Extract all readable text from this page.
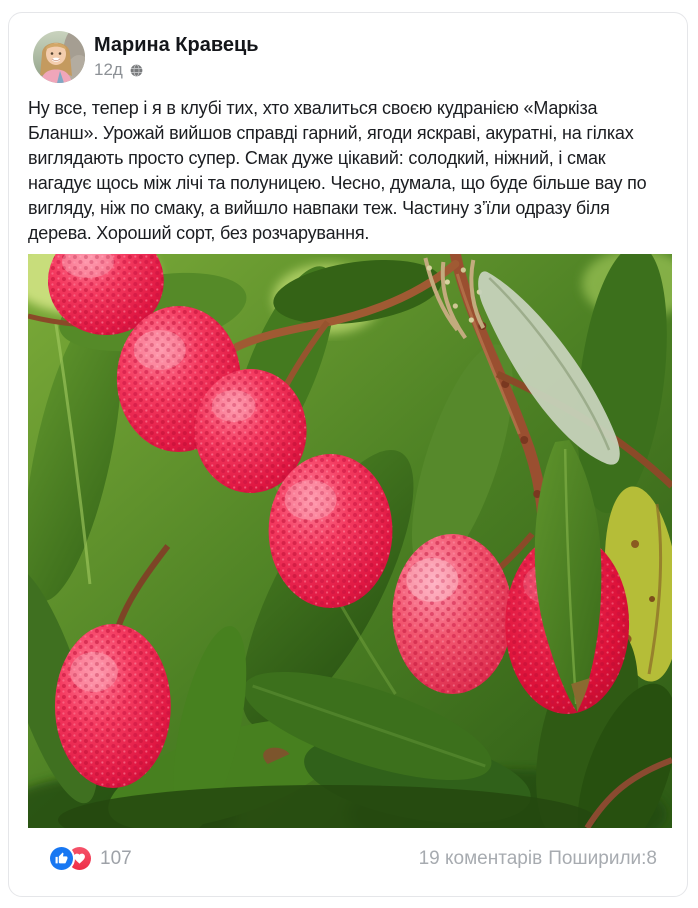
Марина Кравець
12д
Ну все, тепер і я в клубі тих, хто хвалиться своєю кудранією «Маркіза Бланш». Урожай вийшов справді гарний, ягоди яскраві, акуратні, на гілках виглядають просто супер. Смак дуже цікавий: солодкий, ніжний, і смак нагадує щось між лічі та полуницею. Чесно, думала, що буде більше вау по вигляду, ніж по смаку, а вийшло навпаки теж. Частину з’їли одразу біля дерева. Хороший сорт, без розчарування.
107	19 коментарів Поширили:8
